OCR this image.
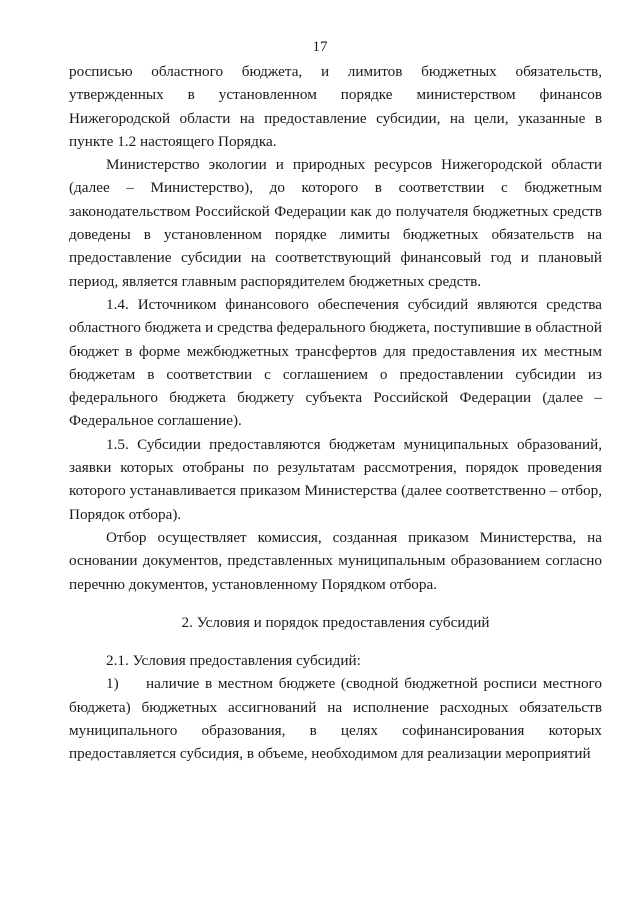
17

росписью областного бюджета, и лимитов бюджетных обязательств, утвержденных в установленном порядке министерством финансов Нижегородской области на предоставление субсидии, на цели, указанные в пункте 1.2 настоящего Порядка.

Министерство экологии и природных ресурсов Нижегородской области (далее – Министерство), до которого в соответствии с бюджетным законодательством Российской Федерации как до получателя бюджетных средств доведены в установленном порядке лимиты бюджетных обязательств на предоставление субсидии на соответствующий финансовый год и плановый период, является главным распорядителем бюджетных средств.

1.4. Источником финансового обеспечения субсидий являются средства областного бюджета и средства федерального бюджета, поступившие в областной бюджет в форме межбюджетных трансфертов для предоставления их местным бюджетам в соответствии с соглашением о предоставлении субсидии из федерального бюджета бюджету субъекта Российской Федерации (далее – Федеральное соглашение).

1.5. Субсидии предоставляются бюджетам муниципальных образований, заявки которых отобраны по результатам рассмотрения, порядок проведения которого устанавливается приказом Министерства (далее соответственно – отбор, Порядок отбора).

Отбор осуществляет комиссия, созданная приказом Министерства, на основании документов, представленных муниципальным образованием согласно перечню документов, установленному Порядком отбора.

2. Условия и порядок предоставления субсидий

2.1. Условия предоставления субсидий:

1) наличие в местном бюджете (сводной бюджетной росписи местного бюджета) бюджетных ассигнований на исполнение расходных обязательств муниципального образования, в целях софинансирования которых предоставляется субсидия, в объеме, необходимом для реализации мероприятий
